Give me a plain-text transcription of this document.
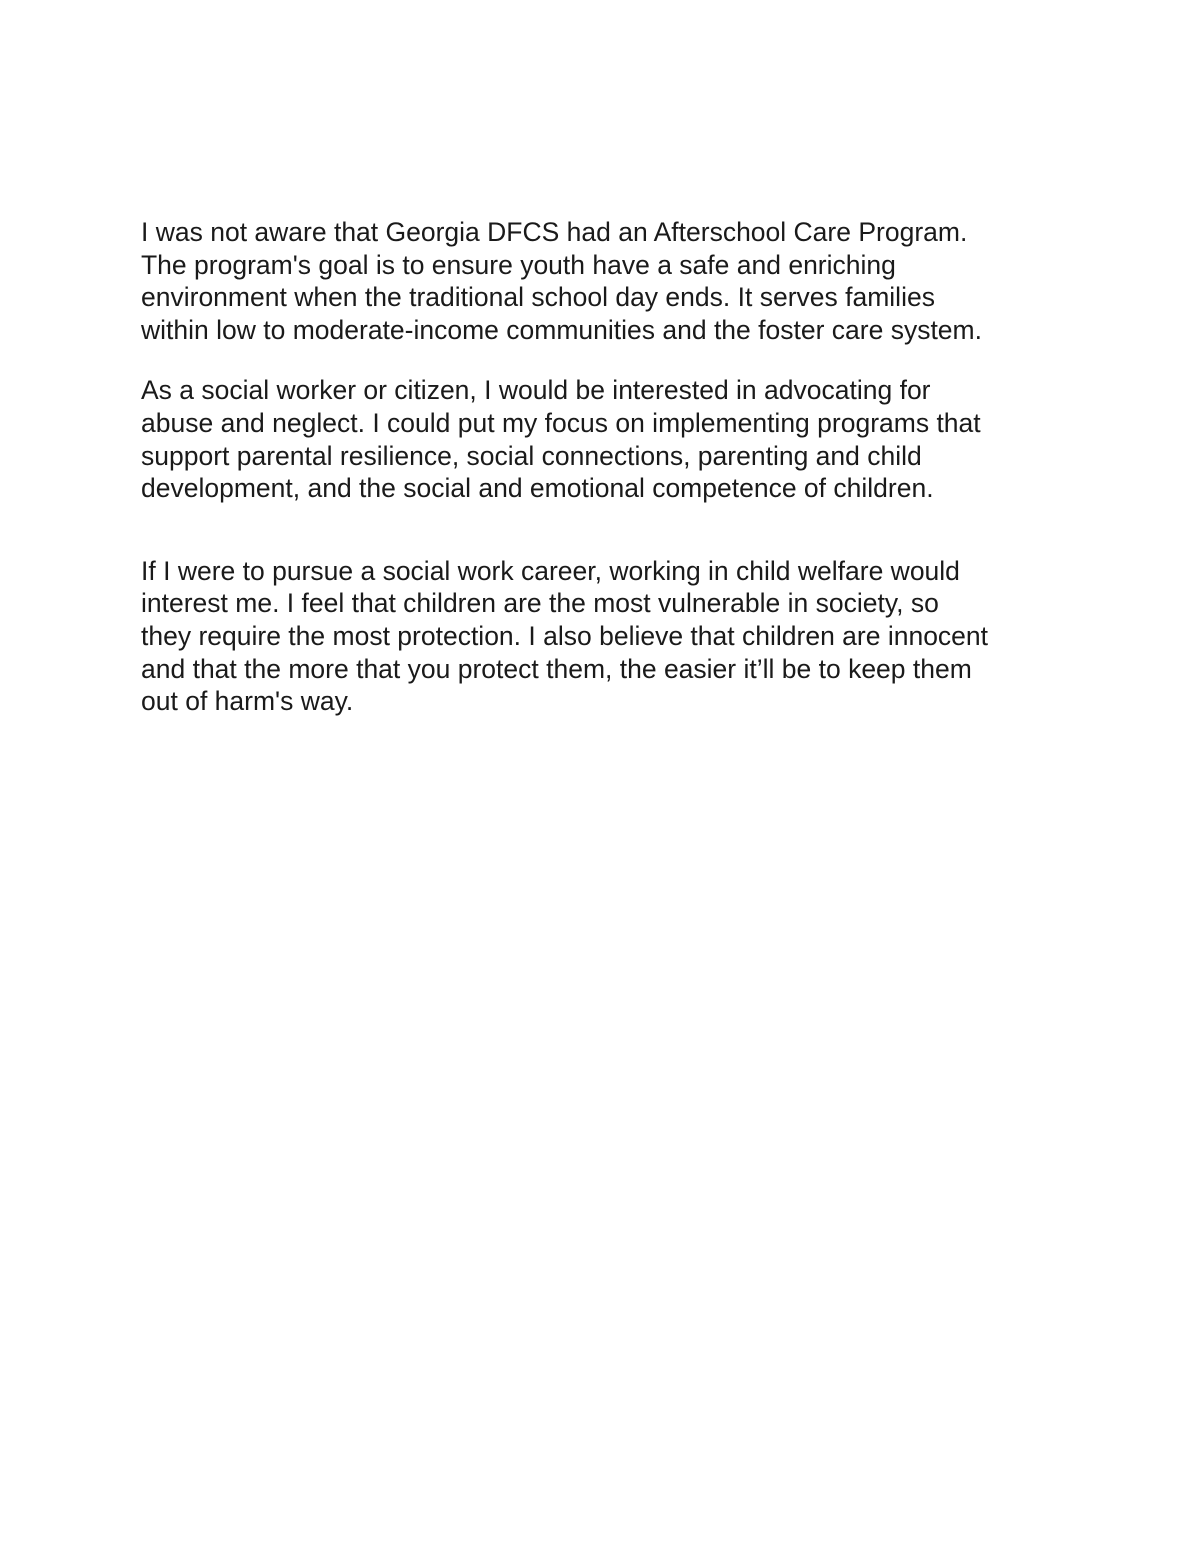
I was not aware that Georgia DFCS had an Afterschool Care Program.
The program's goal is to ensure youth have a safe and enriching
environment when the traditional school day ends. It serves families
within low to moderate-income communities and the foster care system.

As a social worker or citizen, I would be interested in advocating for
abuse and neglect. I could put my focus on implementing programs that
support parental resilience, social connections, parenting and child
development, and the social and emotional competence of children.

If I were to pursue a social work career, working in child welfare would
interest me. I feel that children are the most vulnerable in society, so
they require the most protection. I also believe that children are innocent
and that the more that you protect them, the easier it’ll be to keep them
out of harm's way.
